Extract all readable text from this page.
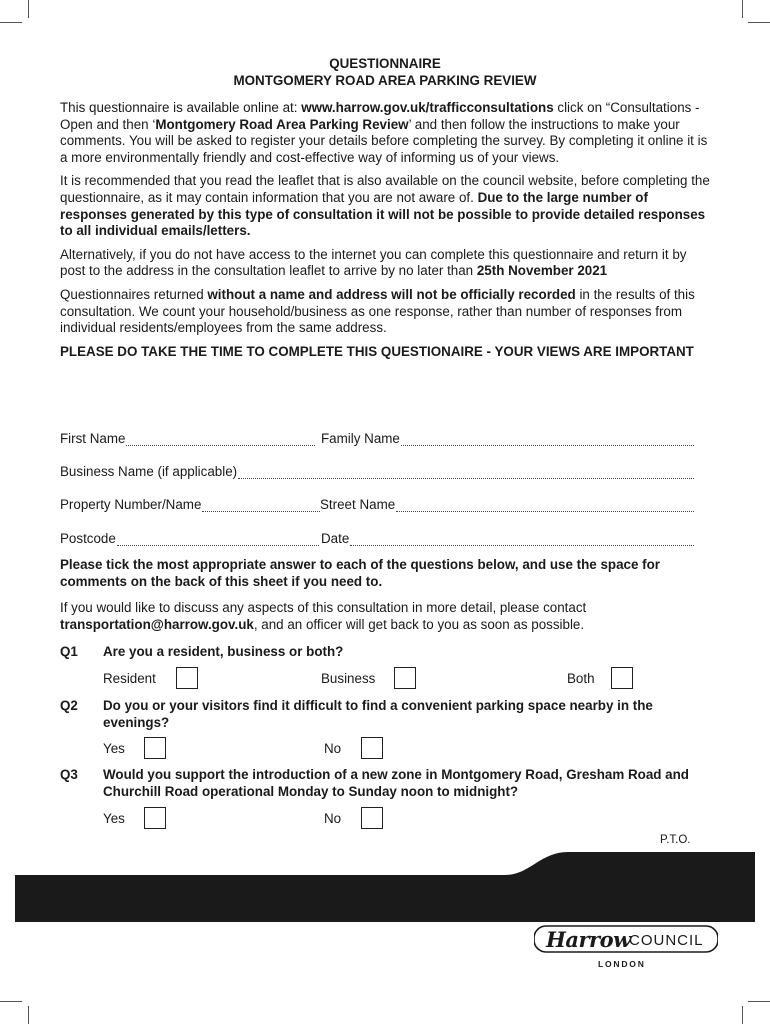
QUESTIONNAIRE
MONTGOMERY ROAD AREA PARKING REVIEW

This questionnaire is available online at: www.harrow.gov.uk/trafficconsultations click on “Consultations - Open and then ‘Montgomery Road Area Parking Review’ and then follow the instructions to make your comments. You will be asked to register your details before completing the survey. By completing it online it is a more environmentally friendly and cost-effective way of informing us of your views.

It is recommended that you read the leaflet that is also available on the council website, before completing the questionnaire, as it may contain information that you are not aware of. Due to the large number of responses generated by this type of consultation it will not be possible to provide detailed responses to all individual emails/letters.

Alternatively, if you do not have access to the internet you can complete this questionnaire and return it by post to the address in the consultation leaflet to arrive by no later than 25th November 2021

Questionnaires returned without a name and address will not be officially recorded in the results of this consultation. We count your household/business as one response, rather than number of responses from individual residents/employees from the same address.

PLEASE DO TAKE THE TIME TO COMPLETE THIS QUESTIONAIRE - YOUR VIEWS ARE IMPORTANT

First Name	Family Name
Business Name (if applicable)
Property Number/Name	Street Name
Postcode	Date

Please tick the most appropriate answer to each of the questions below, and use the space for comments on the back of this sheet if you need to.

If you would like to discuss any aspects of this consultation in more detail, please contact transportation@harrow.gov.uk, and an officer will get back to you as soon as possible.

Q1 Are you a resident, business or both?
Resident	Business	Both
Q2 Do you or your visitors find it difficult to find a convenient parking space nearby in the evenings?
Yes	No
Q3 Would you support the introduction of a new zone in Montgomery Road, Gresham Road and Churchill Road operational Monday to Sunday noon to midnight?
Yes	No
P.T.O.
Harrow
COUNCIL
LONDON
